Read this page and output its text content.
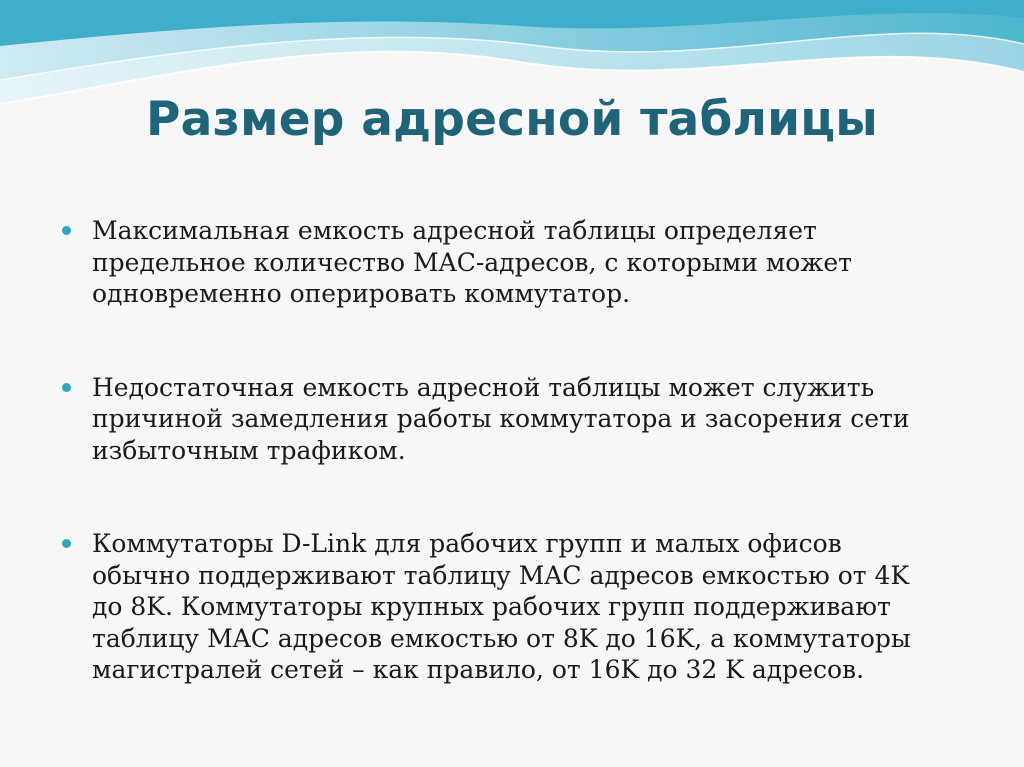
Размер адресной таблицы
Максимальная емкость адресной таблицы определяет
предельное количество MAC-адресов, с которыми может
одновременно оперировать коммутатор.
Недостаточная емкость адресной таблицы может служить
причиной замедления работы коммутатора и засорения сети
избыточным трафиком.
Коммутаторы D-Link для рабочих групп и малых офисов
обычно поддерживают таблицу MAC адресов емкостью от 4K
до 8K. Коммутаторы крупных рабочих групп поддерживают
таблицу MAC адресов емкостью от 8K до 16K, а коммутаторы
магистралей сетей – как правило, от 16K до 32 K адресов.
